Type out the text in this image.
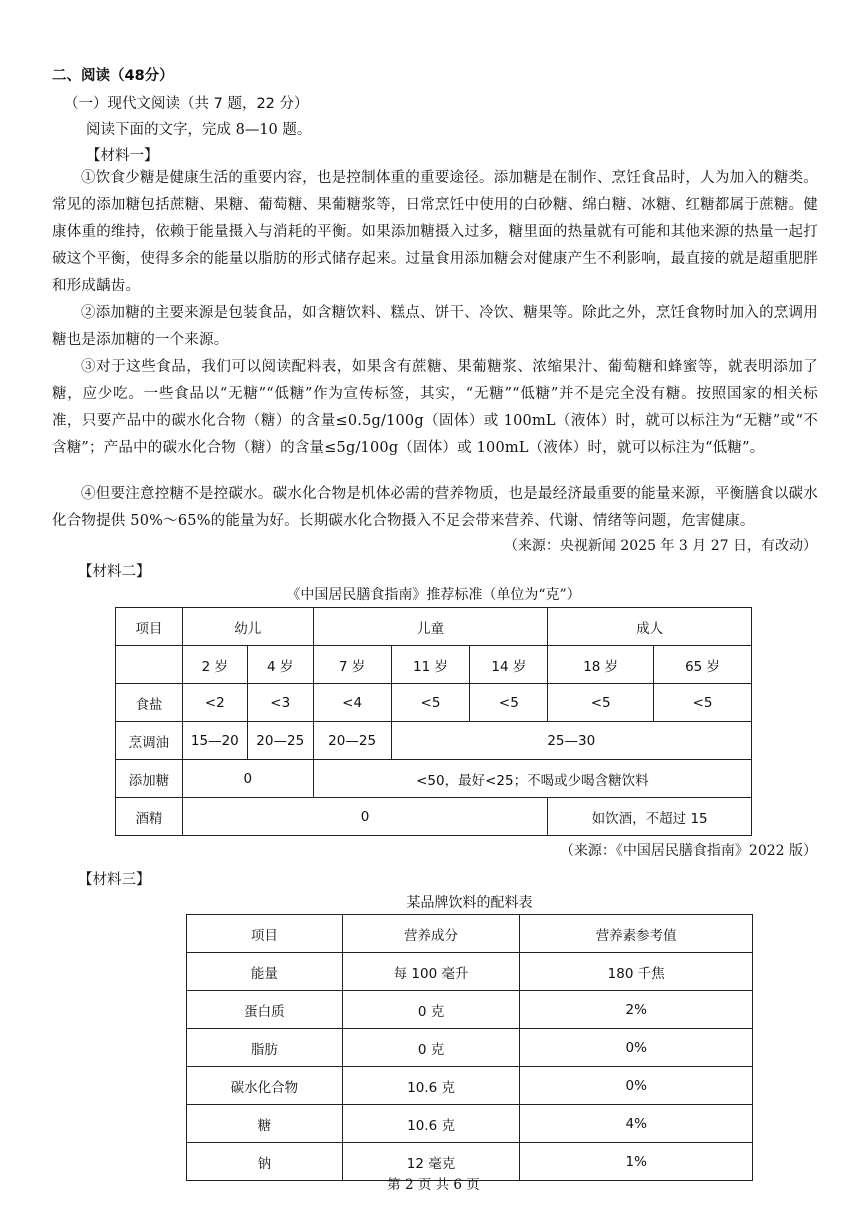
二、阅读（48分）
（一）现代文阅读（共 7 题，22 分）
阅读下面的文字，完成 8—10 题。
【材料一】
①饮食少糖是健康生活的重要内容，也是控制体重的重要途径。添加糖是在制作、烹饪食品时，人为加入的糖类。常见的添加糖包括蔗糖、果糖、葡萄糖、果葡糖浆等，日常烹饪中使用的白砂糖、绵白糖、冰糖、红糖都属于蔗糖。健康体重的维持，依赖于能量摄入与消耗的平衡。如果添加糖摄入过多，糖里面的热量就有可能和其他来源的热量一起打破这个平衡，使得多余的能量以脂肪的形式储存起来。过量食用添加糖会对健康产生不利影响，最直接的就是超重肥胖和形成龋齿。
②添加糖的主要来源是包装食品，如含糖饮料、糕点、饼干、冷饮、糖果等。除此之外，烹饪食物时加入的烹调用糖也是添加糖的一个来源。
③对于这些食品，我们可以阅读配料表，如果含有蔗糖、果葡糖浆、浓缩果汁、葡萄糖和蜂蜜等，就表明添加了糖，应少吃。一些食品以“无糖”“低糖”作为宣传标签，其实，“无糖”“低糖”并不是完全没有糖。按照国家的相关标准，只要产品中的碳水化合物（糖）的含量≤0.5g/100g（固体）或 100mL（液体）时，就可以标注为“无糖”或“不含糖”；产品中的碳水化合物（糖）的含量≤5g/100g（固体）或 100mL（液体）时，就可以标注为“低糖”。
④但要注意控糖不是控碳水。碳水化合物是机体必需的营养物质，也是最经济最重要的能量来源，平衡膳食以碳水化合物提供 50%～65%的能量为好。长期碳水化合物摄入不足会带来营养、代谢、情绪等问题，危害健康。
（来源：央视新闻 2025 年 3 月 27 日，有改动）
【材料二】
《中国居民膳食指南》推荐标准（单位为“克”）
项目	幼儿		儿童			成人	
	2 岁	4 岁	7 岁	11 岁	14 岁	18 岁	65 岁
食盐	<2	<3	<4	<5	<5	<5	<5
烹调油	15—20	20—25	20—25	25—30			
添加糖	0		<50，最好<25；不喝或少喝含糖饮料				
酒精	0					如饮酒，不超过 15	
（来源：《中国居民膳食指南》2022 版）
【材料三】
某品牌饮料的配料表
项目	营养成分	营养素参考值
能量	每 100 毫升	180 千焦
蛋白质	0 克	2%
脂肪	0 克	0%
碳水化合物	10.6 克	0%
糖	10.6 克	4%
钠	12 毫克	1%
第 2 页 共 6 页
